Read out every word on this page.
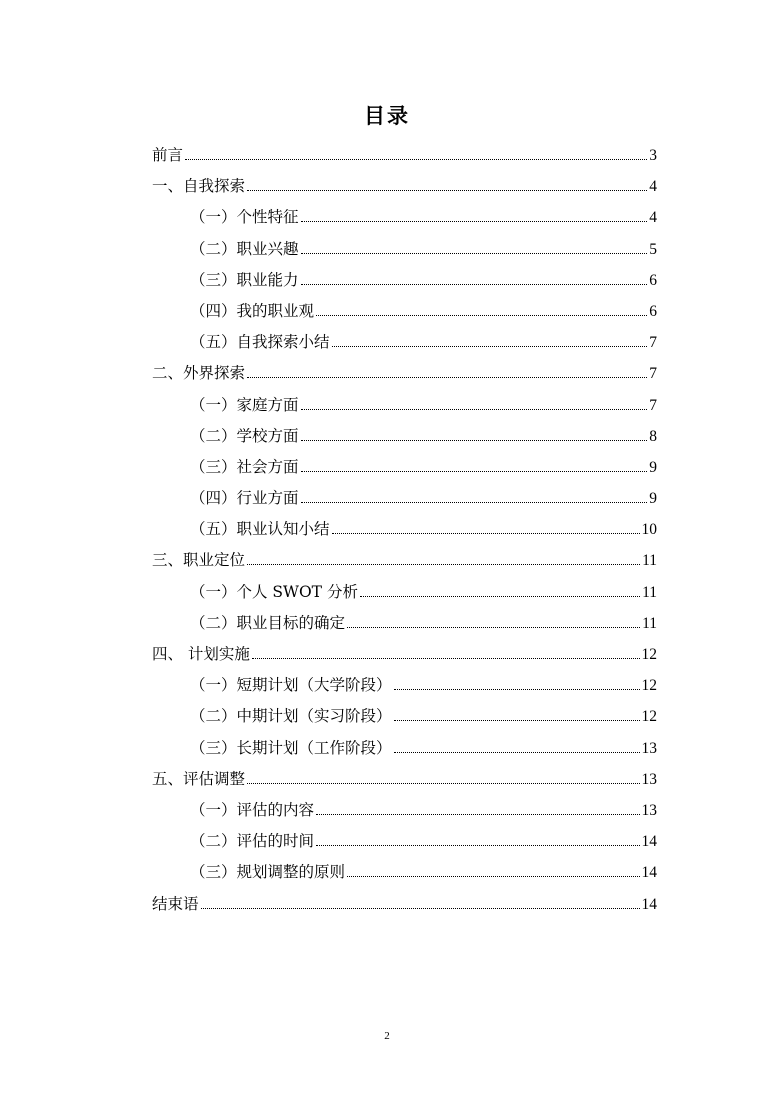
目录
前言	3
一、自我探索	4
（一）个性特征	4
（二）职业兴趣	5
（三）职业能力	6
（四）我的职业观	6
（五）自我探索小结	7
二、外界探索	7
（一）家庭方面	7
（二）学校方面	8
（三）社会方面	9
（四）行业方面	9
（五）职业认知小结	10
三、职业定位	11
（一）个人 SWOT 分析	11
（二）职业目标的确定	11
四、 计划实施	12
（一）短期计划（大学阶段）	12
（二）中期计划（实习阶段）	12
（三）长期计划（工作阶段）	13
五、评估调整	13
（一）评估的内容	13
（二）评估的时间	14
（三）规划调整的原则	14
结束语	14
2
